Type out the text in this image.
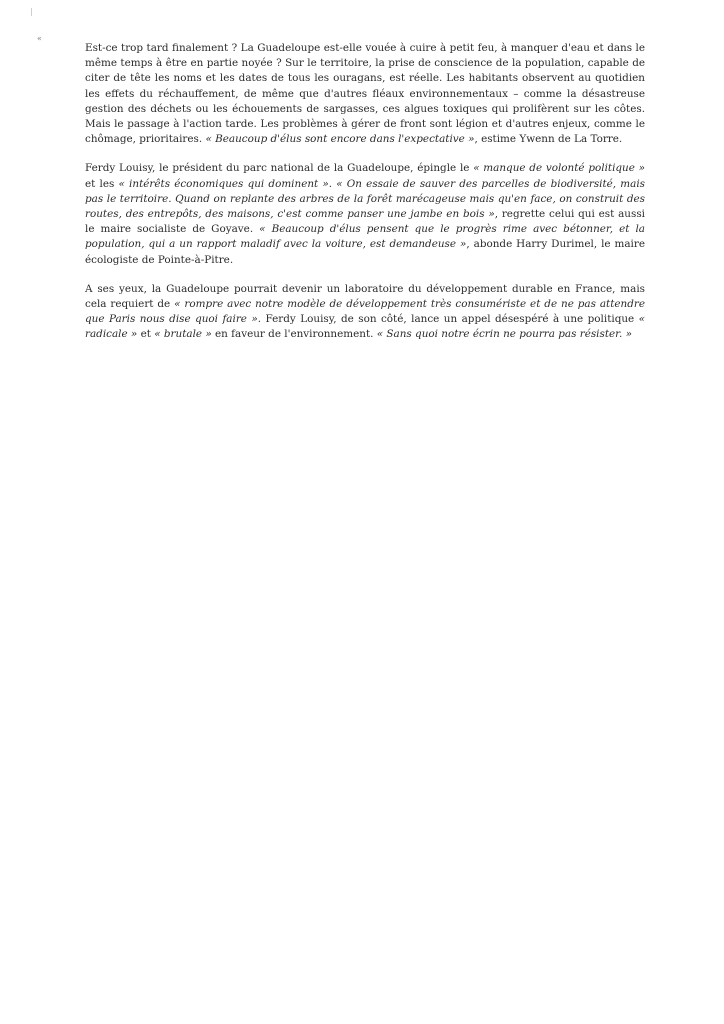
«

Est-ce trop tard finalement ? La Guadeloupe est-elle vouée à cuire à petit feu, à manquer d'eau et dans le même temps à être en partie noyée ? Sur le territoire, la prise de conscience de la population, capable de citer de tête les noms et les dates de tous les ouragans, est réelle. Les habitants observent au quotidien les effets du réchauffement, de même que d'autres fléaux environnementaux – comme la désastreuse gestion des déchets ou les échouements de sargasses, ces algues toxiques qui prolifèrent sur les côtes. Mais le passage à l'action tarde. Les problèmes à gérer de front sont légion et d'autres enjeux, comme le chômage, prioritaires. « Beaucoup d'élus sont encore dans l'expectative », estime Ywenn de La Torre.

Ferdy Louisy, le président du parc national de la Guadeloupe, épingle le « manque de volonté politique » et les « intérêts économiques qui dominent ». « On essaie de sauver des parcelles de biodiversité, mais pas le territoire. Quand on replante des arbres de la forêt marécageuse mais qu'en face, on construit des routes, des entrepôts, des maisons, c'est comme panser une jambe en bois », regrette celui qui est aussi le maire socialiste de Goyave. « Beaucoup d'élus pensent que le progrès rime avec bétonner, et la population, qui a un rapport maladif avec la voiture, est demandeuse », abonde Harry Durimel, le maire écologiste de Pointe-à-Pitre.

A ses yeux, la Guadeloupe pourrait devenir un laboratoire du développement durable en France, mais cela requiert de « rompre avec notre modèle de développement très consumériste et de ne pas attendre que Paris nous dise quoi faire ». Ferdy Louisy, de son côté, lance un appel désespéré à une politique « radicale » et « brutale » en faveur de l'environnement. « Sans quoi notre écrin ne pourra pas résister. »
